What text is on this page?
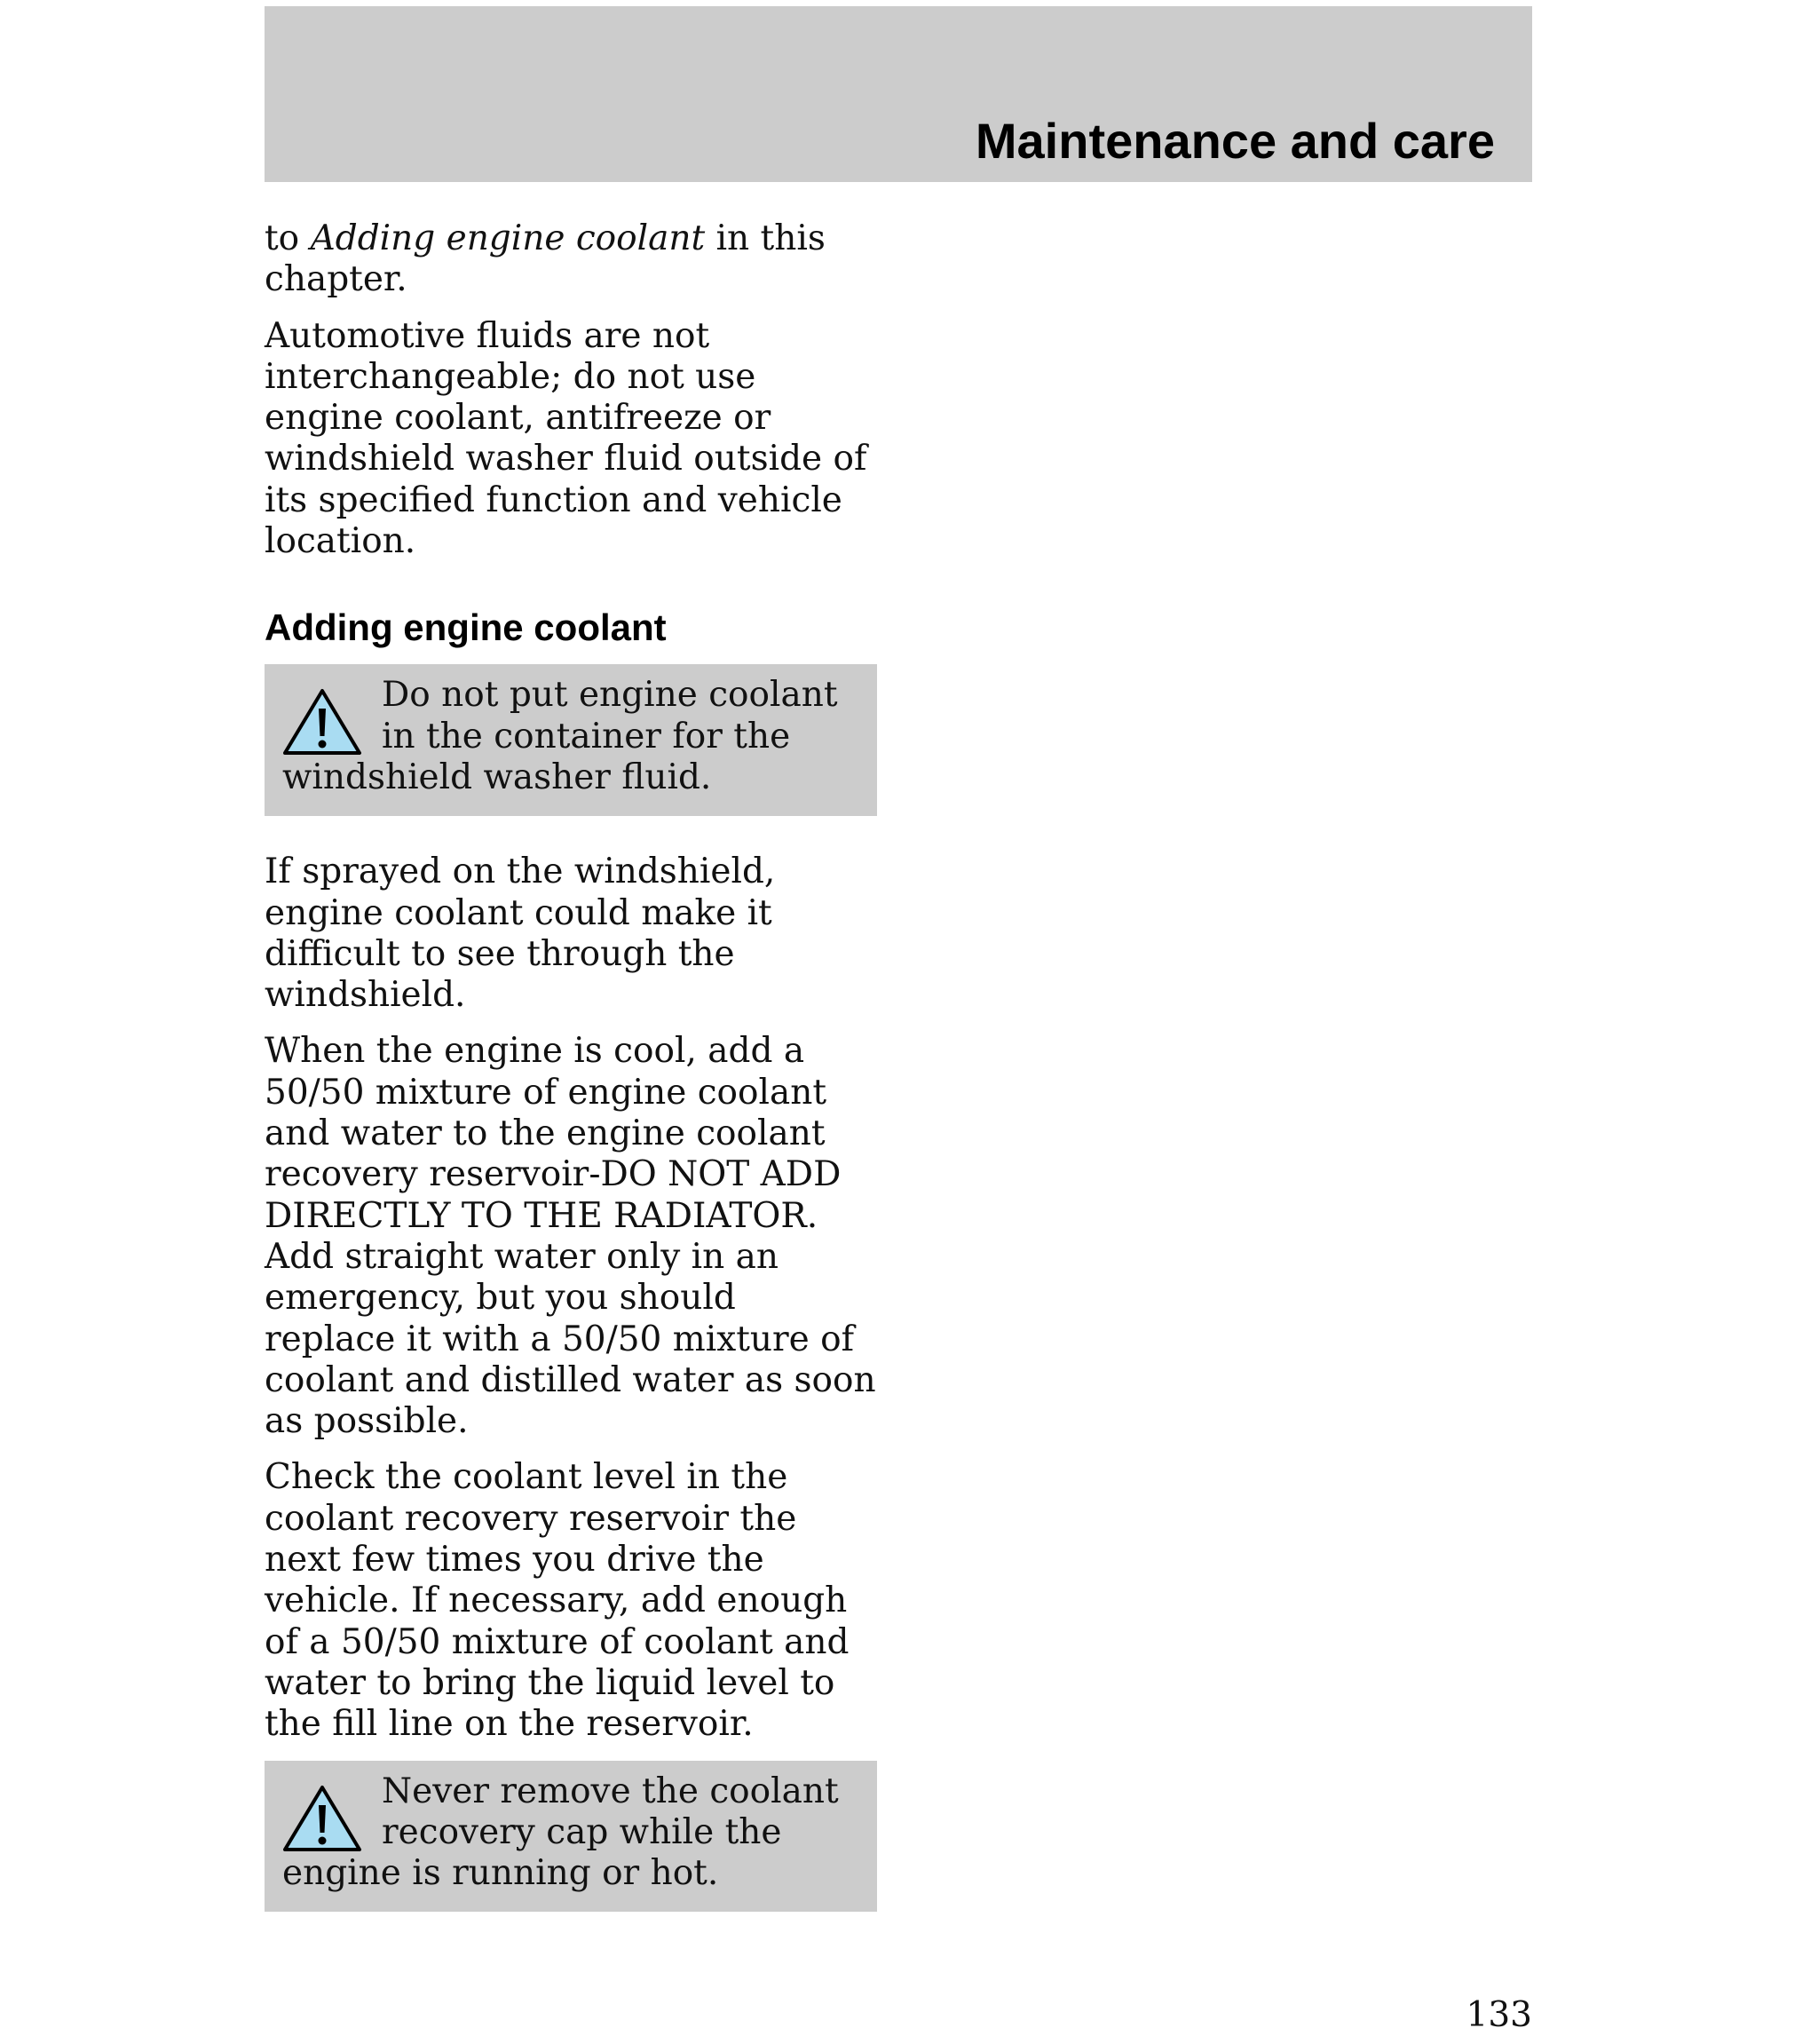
Maintenance and care

to Adding engine coolant in this chapter.

Automotive fluids are not interchangeable; do not use engine coolant, antifreeze or windshield washer fluid outside of its specified function and vehicle location.

Adding engine coolant

Do not put engine coolant in the container for the windshield washer fluid.

If sprayed on the windshield, engine coolant could make it difficult to see through the windshield.

When the engine is cool, add a 50/50 mixture of engine coolant and water to the engine coolant recovery reservoir-DO NOT ADD DIRECTLY TO THE RADIATOR. Add straight water only in an emergency, but you should replace it with a 50/50 mixture of coolant and distilled water as soon as possible.

Check the coolant level in the coolant recovery reservoir the next few times you drive the vehicle. If necessary, add enough of a 50/50 mixture of coolant and water to bring the liquid level to the fill line on the reservoir.

Never remove the coolant recovery cap while the engine is running or hot.

133
